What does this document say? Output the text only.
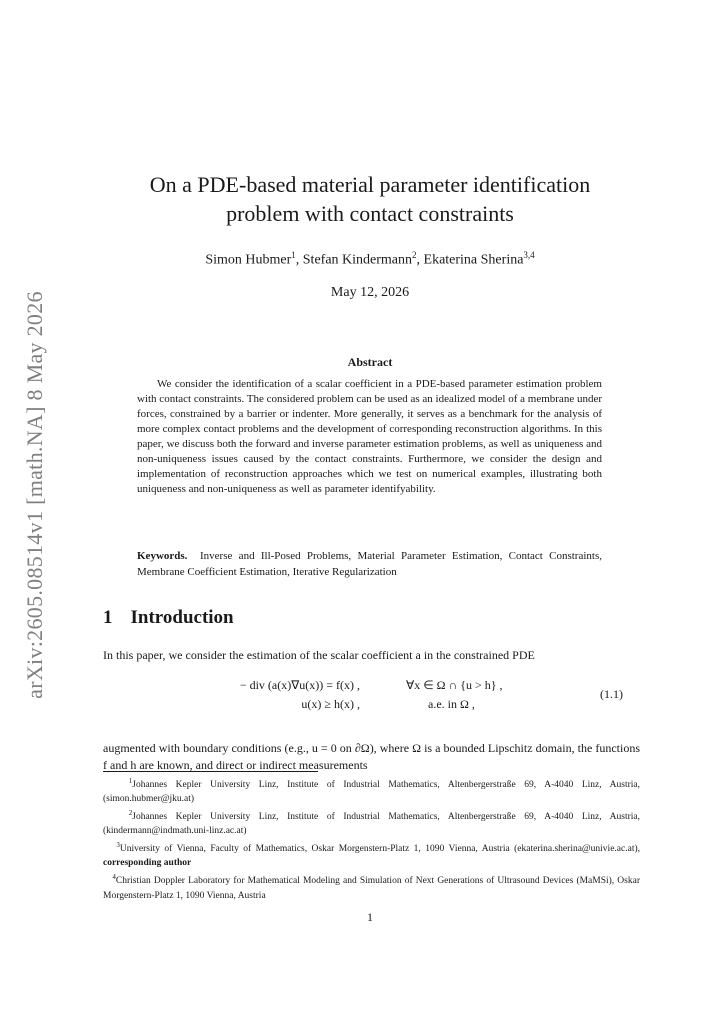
arXiv:2605.08514v1 [math.NA] 8 May 2026
On a PDE-based material parameter identification
problem with contact constraints
Simon Hubmer$^1$, Stefan Kindermann$^2$, Ekaterina Sherina$^{3,4}$
May 12, 2026
Abstract
We consider the identification of a scalar coefficient in a PDE-based parameter estimation problem with contact constraints. The considered problem can be used as an idealized model of a membrane under forces, constrained by a barrier or indenter. More generally, it serves as a benchmark for the analysis of more complex contact problems and the development of corresponding reconstruction algorithms. In this paper, we discuss both the forward and inverse parameter estimation problems, as well as uniqueness and non-uniqueness issues caused by the contact constraints. Furthermore, we consider the design and implementation of reconstruction approaches which we test on numerical examples, illustrating both uniqueness and non-uniqueness as well as parameter identifyability.
Keywords. Inverse and Ill-Posed Problems, Material Parameter Estimation, Contact Constraints, Membrane Coefficient Estimation, Iterative Regularization
1 Introduction
In this paper, we consider the estimation of the scalar coefficient a in the constrained PDE
− div (a(x)∇u(x)) = f(x) ,	∀x ∈ Ω ∩ {u > h} ,
u(x) ≥ h(x) ,	a.e. in Ω ,
(1.1)
augmented with boundary conditions (e.g., u = 0 on ∂Ω), where Ω is a bounded Lipschitz domain, the functions f and h are known, and direct or indirect measurements
$^1$Johannes Kepler University Linz, Institute of Industrial Mathematics, Altenbergerstraße 69, A-4040 Linz, Austria, (simon.hubmer@jku.at)
$^2$Johannes Kepler University Linz, Institute of Industrial Mathematics, Altenbergerstraße 69, A-4040 Linz, Austria, (kindermann@indmath.uni-linz.ac.at)
$^3$University of Vienna, Faculty of Mathematics, Oskar Morgenstern-Platz 1, 1090 Vienna, Austria (ekaterina.sherina@univie.ac.at), corresponding author
$^4$Christian Doppler Laboratory for Mathematical Modeling and Simulation of Next Generations of Ultrasound Devices (MaMSi), Oskar Morgenstern-Platz 1, 1090 Vienna, Austria
1
